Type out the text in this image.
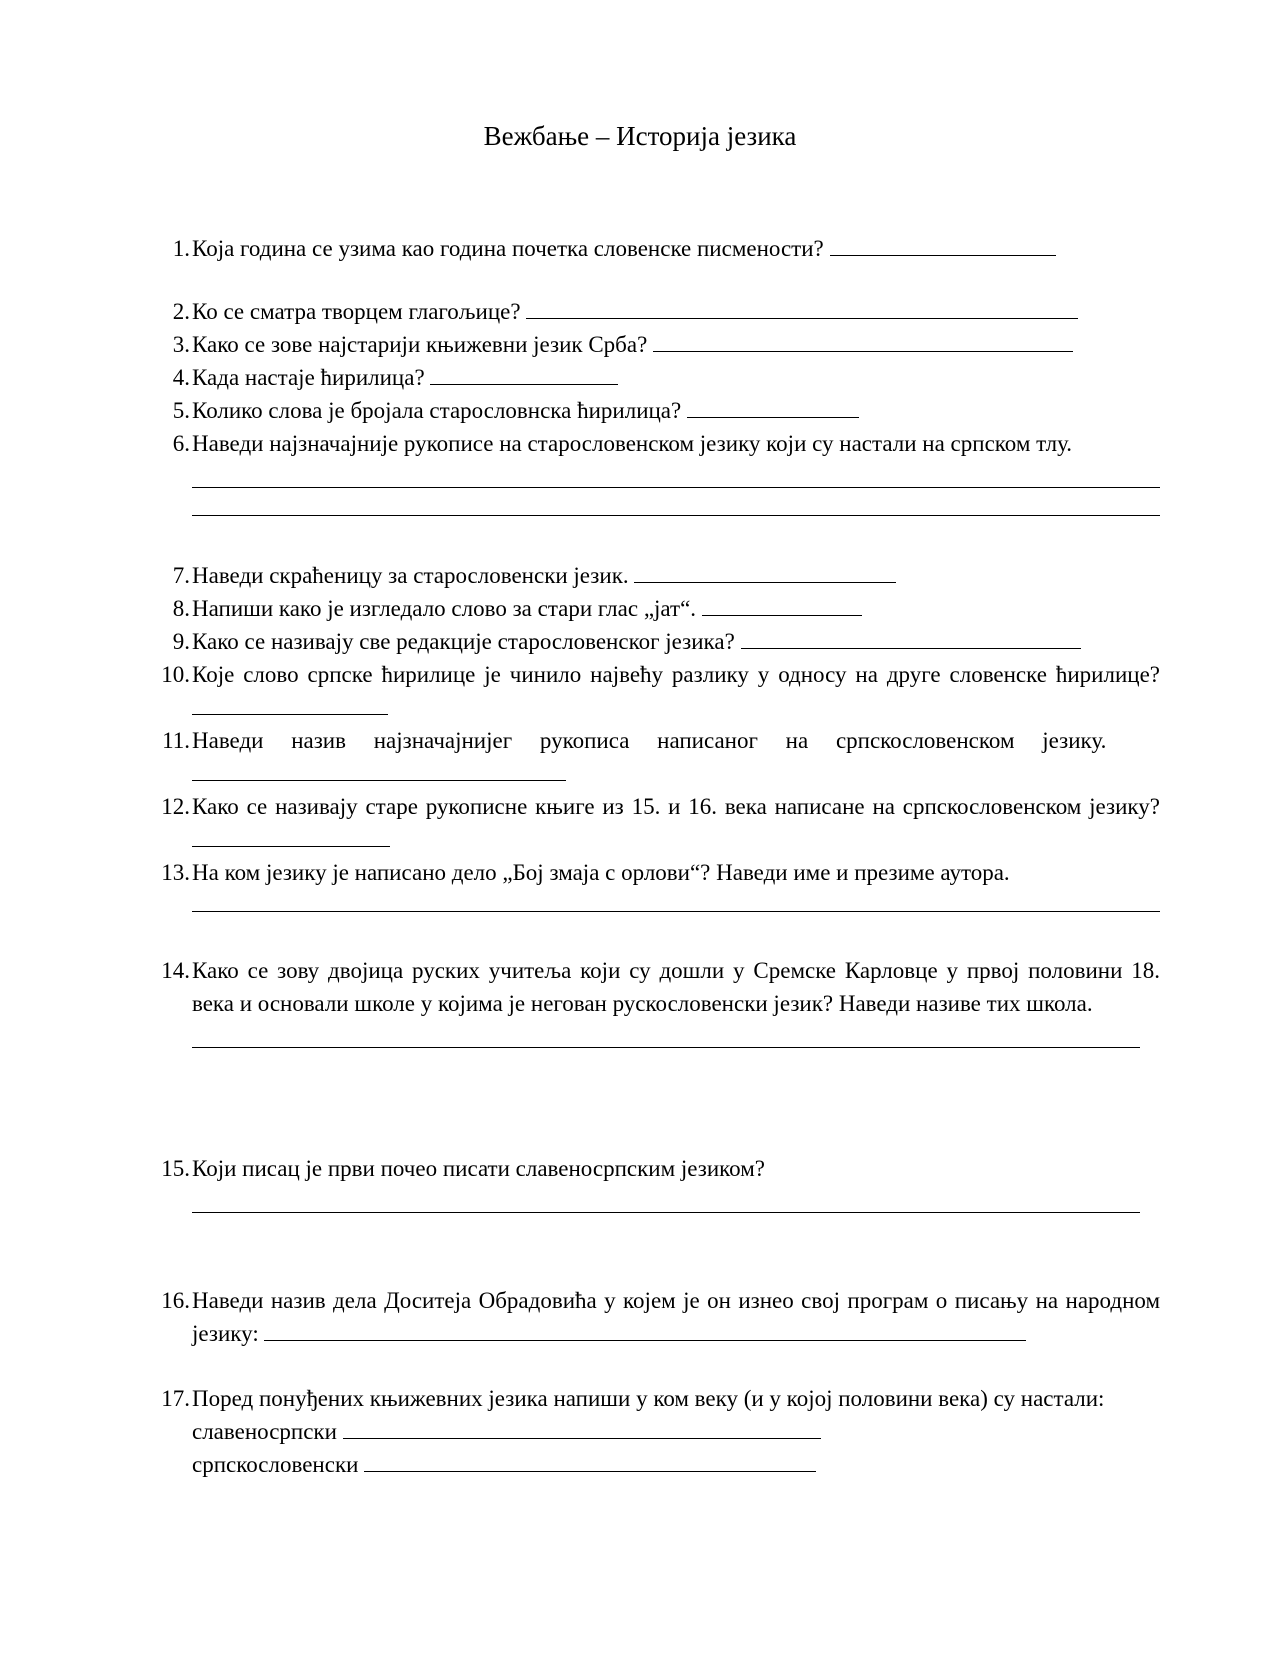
Вежбање – Историја језика
1. Која година се узима као година почетка словенске писмености?
2. Ко се сматра творцем глагољице?
3. Како се зове најстарији књижевни језик Срба?
4. Када настаје ћирилица?
5. Колико слова је бројала старословнска ћирилица?
6. Наведи најзначајније рукописе на старословенском језику који су настали на српском тлу.
7. Наведи скраћеницу за старословенски језик.
8. Напиши како је изгледало слово за стари глас „јат“.
9. Како се називају све редакције старословенског језика?
10. Које слово српске ћирилице је чинило највећу разлику у односу на друге словенске ћирилице?
11. Наведи назив најзначајнијег рукописа написаног на српскословенском језику.
12. Како се називају старе рукописне књиге из 15. и 16. века написане на српскословенском језику?
13. На ком језику је написано дело „Бој змаја с орлови“? Наведи име и презиме аутора.
14. Како се зову двојица руских учитеља који су дошли у Сремске Карловце у првој половини 18. века и основали школе у којима је негован рускословенски језик? Наведи називе тих школа.
15. Који писац је први почео писати славеносрпским језиком?
16. Наведи назив дела Доситеја Обрадовића у којем је он изнео свој програм о писању на народном језику:
17. Поред понуђених књижевних језика напиши у ком веку (и у којој половини века) су настали:
славеносрпски
српскословенски
